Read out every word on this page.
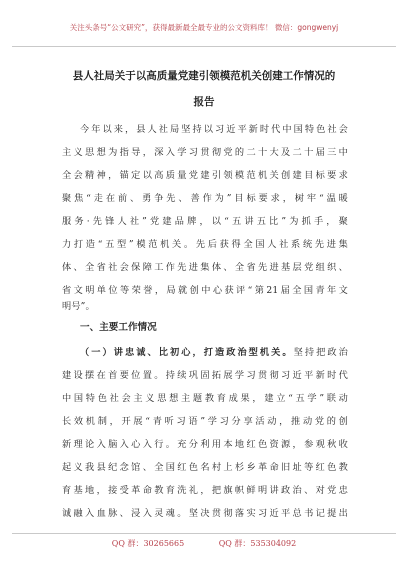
关注头条号“公文研究”，获得最新最全最专业的公文资料库！ 微信：gongwenyj
县人社局关于以高质量党建引领模范机关创建工作情况的
报告
今年以来，县人社局坚持以习近平新时代中国特色社会
主义思想为指导，深入学习贯彻党的二十大及二十届三中
全会精神，锚定以高质量党建引领模范机关创建目标要求
聚焦“走在前、勇争先、善作为”目标要求，树牢“温暖
服务·先锋人社”党建品牌，以“五讲五比”为抓手，聚
力打造“五型”模范机关。先后获得全国人社系统先进集
体、全省社会保障工作先进集体、全省先进基层党组织、
省文明单位等荣誉，局就创中心获评“第21届全国青年文
明号”。
一、主要工作情况
（一）讲忠诚、比初心，打造政治型机关。坚持把政治
建设摆在首要位置。持续巩固拓展学习贯彻习近平新时代
中国特色社会主义思想主题教育成果，建立“五学”联动
长效机制，开展“青听习语”学习分享活动，推动党的创
新理论入脑入心入行。充分利用本地红色资源，参观秋收
起义我县纪念馆、全国红色名村上杉乡革命旧址等红色教
育基地，接受革命教育洗礼，把旗帜鲜明讲政治、对党忠
诚融入血脉、浸入灵魂。坚决贯彻落实习近平总书记提出
QQ 群：30265665	QQ 群：535304092
